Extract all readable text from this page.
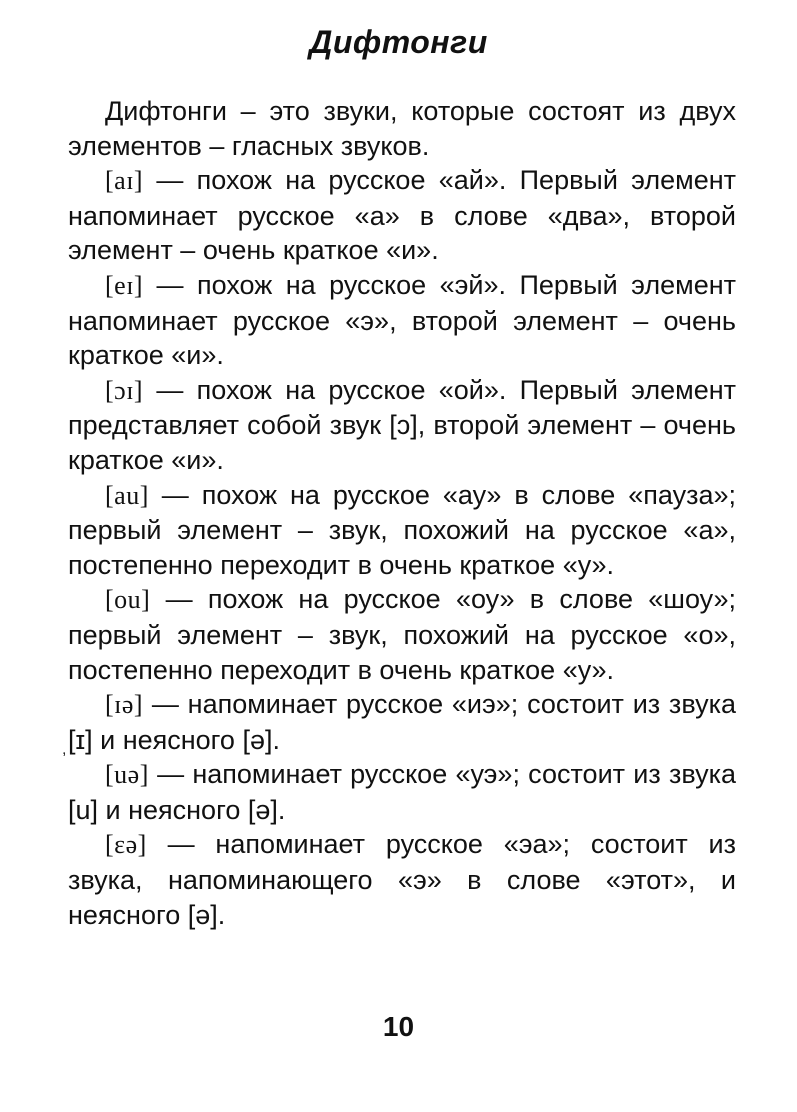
Дифтонги

Дифтонги – это звуки, которые состоят из двух элементов – гласных звуков.

[aɪ] — похож на русское «ай». Первый элемент напоминает русское «а» в слове «два», второй элемент – очень краткое «и».

[eɪ] — похож на русское «эй». Первый элемент напоминает русское «э», второй элемент – очень краткое «и».

[ɔɪ] — похож на русское «ой». Первый элемент представляет собой звук [ɔ], второй элемент – очень краткое «и».

[au] — похож на русское «ау» в слове «пауза»; первый элемент – звук, похожий на русское «а», постепенно переходит в очень краткое «у».

[ou] — похож на русское «оу» в слове «шоу»; первый элемент – звук, похожий на русское «о», постепенно переходит в очень краткое «у».

[ɪə] — напоминает русское «иэ»; состоит из звука [ɪ] и неясного [ə].

[uə] — напоминает русское «уэ»; состоит из звука [u] и неясного [ə].

[ɛə] — напоминает русское «эа»; состоит из звука, напоминающего «э» в слове «этот», и неясного [ə].

,
10
